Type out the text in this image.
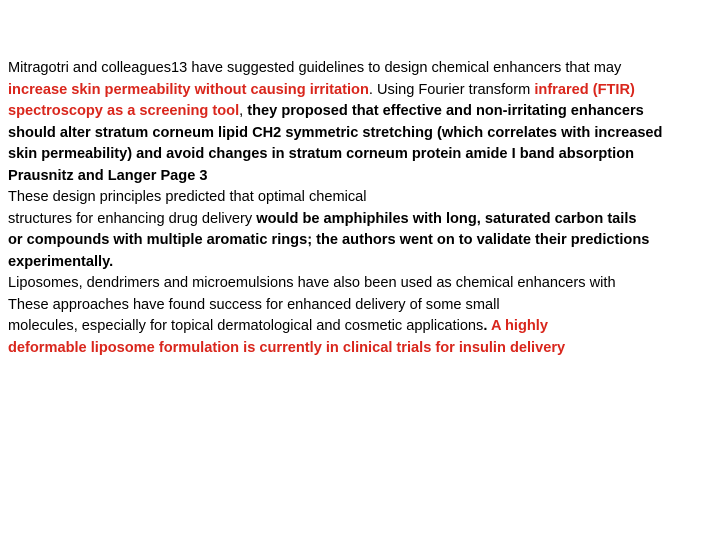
Mitragotri and colleagues13 have suggested guidelines to design chemical enhancers that may
increase skin permeability without causing irritation. Using Fourier transform infrared (FTIR)
spectroscopy as a screening tool, they proposed that effective and non-irritating enhancers
should alter stratum corneum lipid CH2 symmetric stretching (which correlates with increased
skin permeability) and avoid changes in stratum corneum protein amide I band absorption
Prausnitz and Langer Page 3
These design principles predicted that optimal chemical
structures for enhancing drug delivery would be amphiphiles with long, saturated carbon tails
or compounds with multiple aromatic rings; the authors went on to validate their predictions
experimentally.
Liposomes, dendrimers and microemulsions have also been used as chemical enhancers with
These approaches have found success for enhanced delivery of some small
molecules, especially for topical dermatological and cosmetic applications. A highly
deformable liposome formulation is currently in clinical trials for insulin delivery
